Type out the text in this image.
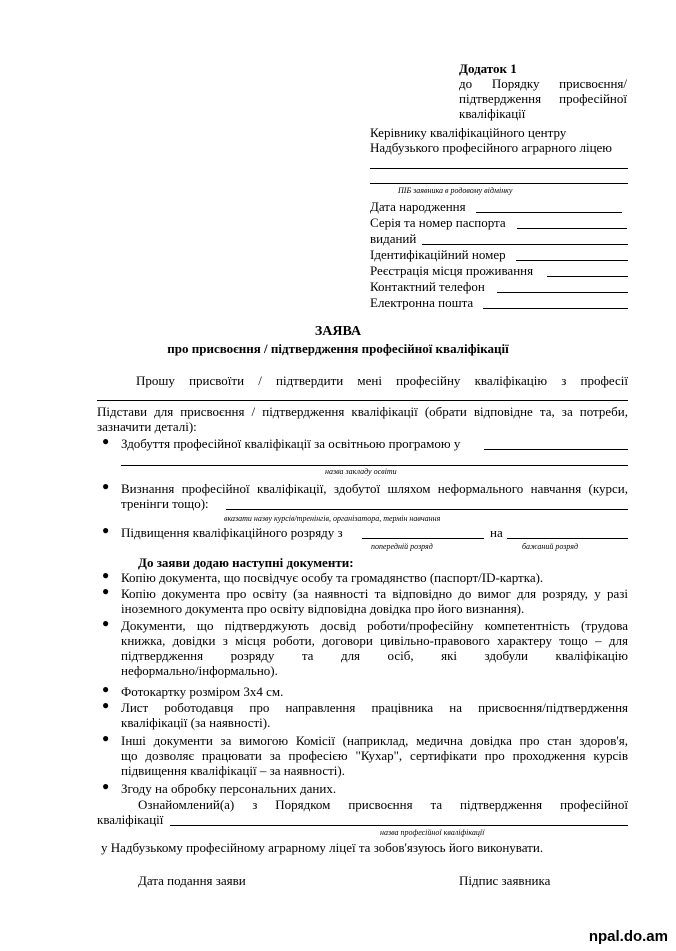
Додаток 1
до Порядку присвоєння/
підтвердження професійної
кваліфікації
Керівнику кваліфікаційного центру
Надбузького професійного аграрного ліцею
ПІБ заявника в родовому відмінку
Дата народження
Серія та номер паспорта
виданий
Ідентифікаційний номер
Реєстрація місця проживання
Контактний телефон
Електронна пошта
ЗАЯВА
про присвоєння / підтвердження професійної кваліфікації
Прошу присвоїти / підтвердити мені професійну кваліфікацію з професії
Підстави для присвоєння / підтвердження кваліфікації (обрати відповідне та, за потреби,
зазначити деталі):
● Здобуття професійної кваліфікації за освітньою програмою у
назва закладу освіти
● Визнання професійної кваліфікації, здобутої шляхом неформального навчання (курси,
тренінги тощо):
вказати назву курсів/тренінгів, організатора, термін навчання
● Підвищення кваліфікаційного розряду з	на
попередній розряд	бажаний розряд
До заяви додаю наступні документи:
● Копію документа, що посвідчує особу та громадянство (паспорт/ID-картка).
● Копію документа про освіту (за наявності та відповідно до вимог для розряду, у разі
іноземного документа про освіту відповідна довідка про його визнання).
● Документи, що підтверджують досвід роботи/професійну компетентність (трудова
книжка, довідки з місця роботи, договори цивільно-правового характеру тощо – для
підтвердження розряду та для осіб, які здобули кваліфікацію
неформально/інформально).
● Фотокартку розміром 3х4 см.
● Лист роботодавця про направлення працівника на присвоєння/підтвердження
кваліфікації (за наявності).
● Інші документи за вимогою Комісії (наприклад, медична довідка про стан здоров'я,
що дозволяє працювати за професією "Кухар", сертифікати про проходження курсів
підвищення кваліфікації – за наявності).
● Згоду на обробку персональних даних.
Ознайомлений(а) з Порядком присвоєння та підтвердження професійної
кваліфікації
назва професійної кваліфікації
у Надбузькому професійному аграрному ліцеї та зобов'язуюсь його виконувати.
Дата подання заяви	Підпис заявника
npal.do.am
